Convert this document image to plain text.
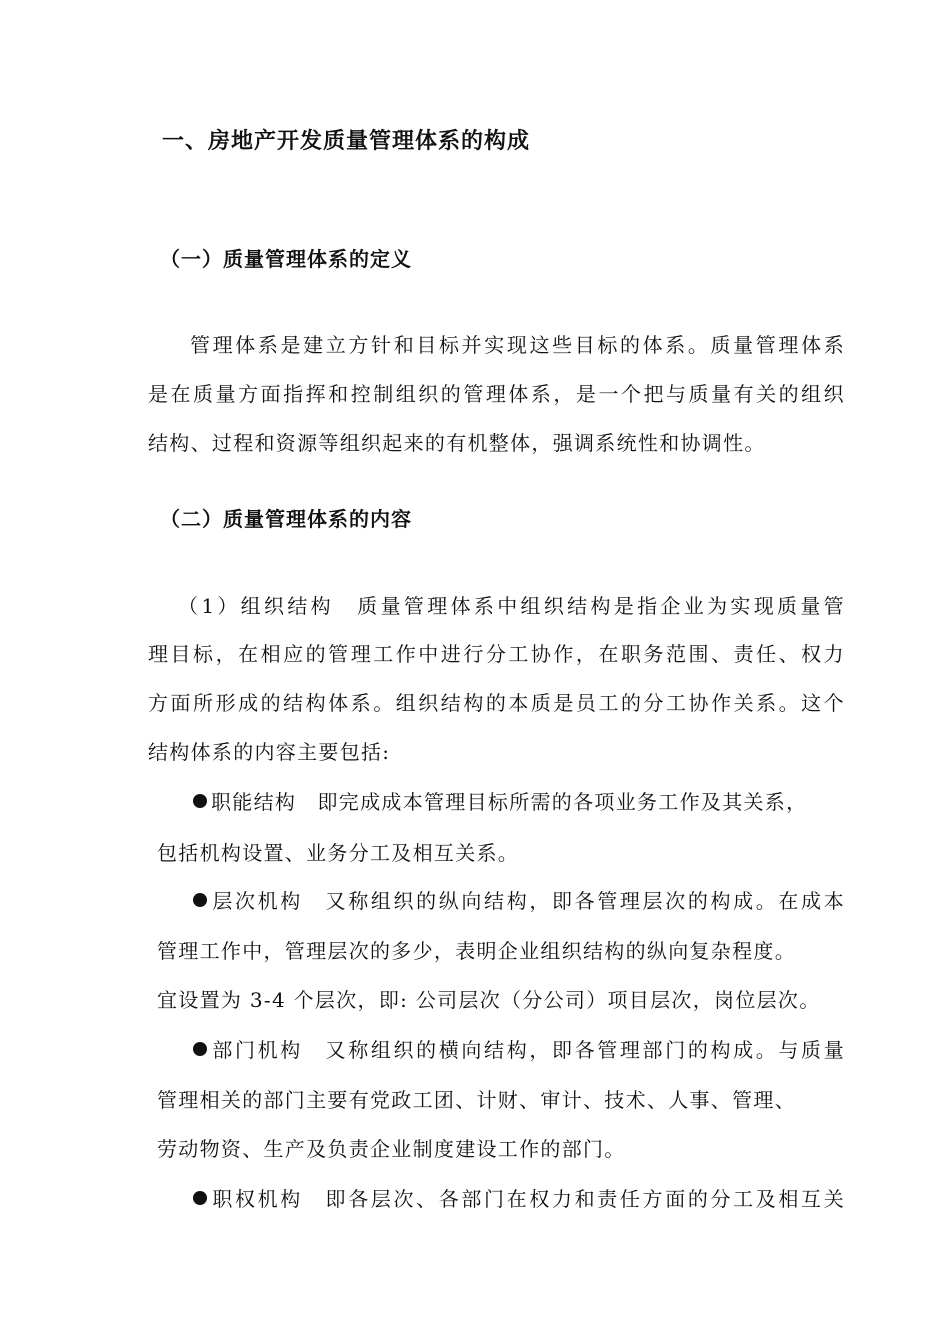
一、房地产开发质量管理体系的构成
（一）质量管理体系的定义
管理体系是建立方针和目标并实现这些目标的体系。质量管理体系
是在质量方面指挥和控制组织的管理体系，是一个把与质量有关的组织
结构、过程和资源等组织起来的有机整体，强调系统性和协调性。
（二）质量管理体系的内容
（1）组织结构　质量管理体系中组织结构是指企业为实现质量管
理目标，在相应的管理工作中进行分工协作，在职务范围、责任、权力
方面所形成的结构体系。组织结构的本质是员工的分工协作关系。这个
结构体系的内容主要包括:
职能结构　即完成成本管理目标所需的各项业务工作及其关系，
包括机构设置、业务分工及相互关系。
层次机构　又称组织的纵向结构，即各管理层次的构成。在成本
管理工作中，管理层次的多少，表明企业组织结构的纵向复杂程度。
宜设置为 3-4 个层次，即: 公司层次（分公司）项目层次，岗位层次。
部门机构　又称组织的横向结构，即各管理部门的构成。与质量
管理相关的部门主要有党政工团、计财、审计、技术、人事、管理、
劳动物资、生产及负责企业制度建设工作的部门。
职权机构　即各层次、各部门在权力和责任方面的分工及相互关
